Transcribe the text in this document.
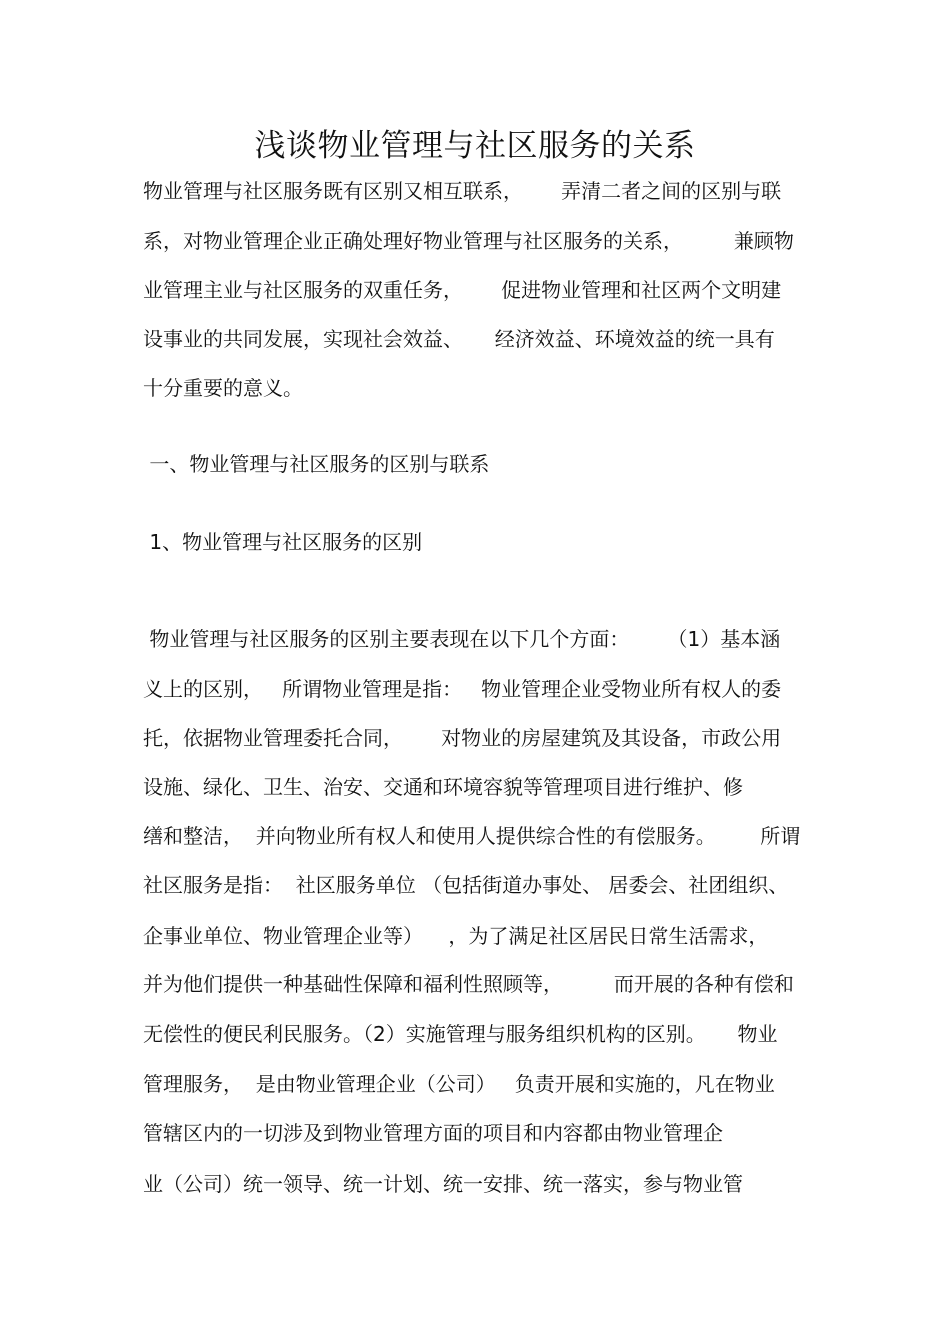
浅谈物业管理与社区服务的关系
物业管理与社区服务既有区别又相互联系，      弄清二者之间的区别与联
系，对物业管理企业正确处理好物业管理与社区服务的关系，        兼顾物
业管理主业与社区服务的双重任务，      促进物业管理和社区两个文明建
设事业的共同发展，实现社会效益、     经济效益、环境效益的统一具有
十分重要的意义。
一、物业管理与社区服务的区别与联系
1、物业管理与社区服务的区别
物业管理与社区服务的区别主要表现在以下几个方面：      （1）基本涵
义上的区别，   所谓物业管理是指：   物业管理企业受物业所有权人的委
托，依据物业管理委托合同，      对物业的房屋建筑及其设备，市政公用
设施、绿化、卫生、治安、交通和环境容貌等管理项目进行维护、修
缮和整洁，  并向物业所有权人和使用人提供综合性的有偿服务。       所谓
社区服务是指：  社区服务单位 （包括街道办事处、 居委会、社团组织、
企事业单位、物业管理企业等）    ，为了满足社区居民日常生活需求，
并为他们提供一种基础性保障和福利性照顾等，        而开展的各种有偿和
无偿性的便民利民服务。（2）实施管理与服务组织机构的区别。     物业
管理服务，  是由物业管理企业（公司）   负责开展和实施的，凡在物业
管辖区内的一切涉及到物业管理方面的项目和内容都由物业管理企
业（公司）统一领导、统一计划、统一安排、统一落实，参与物业管
